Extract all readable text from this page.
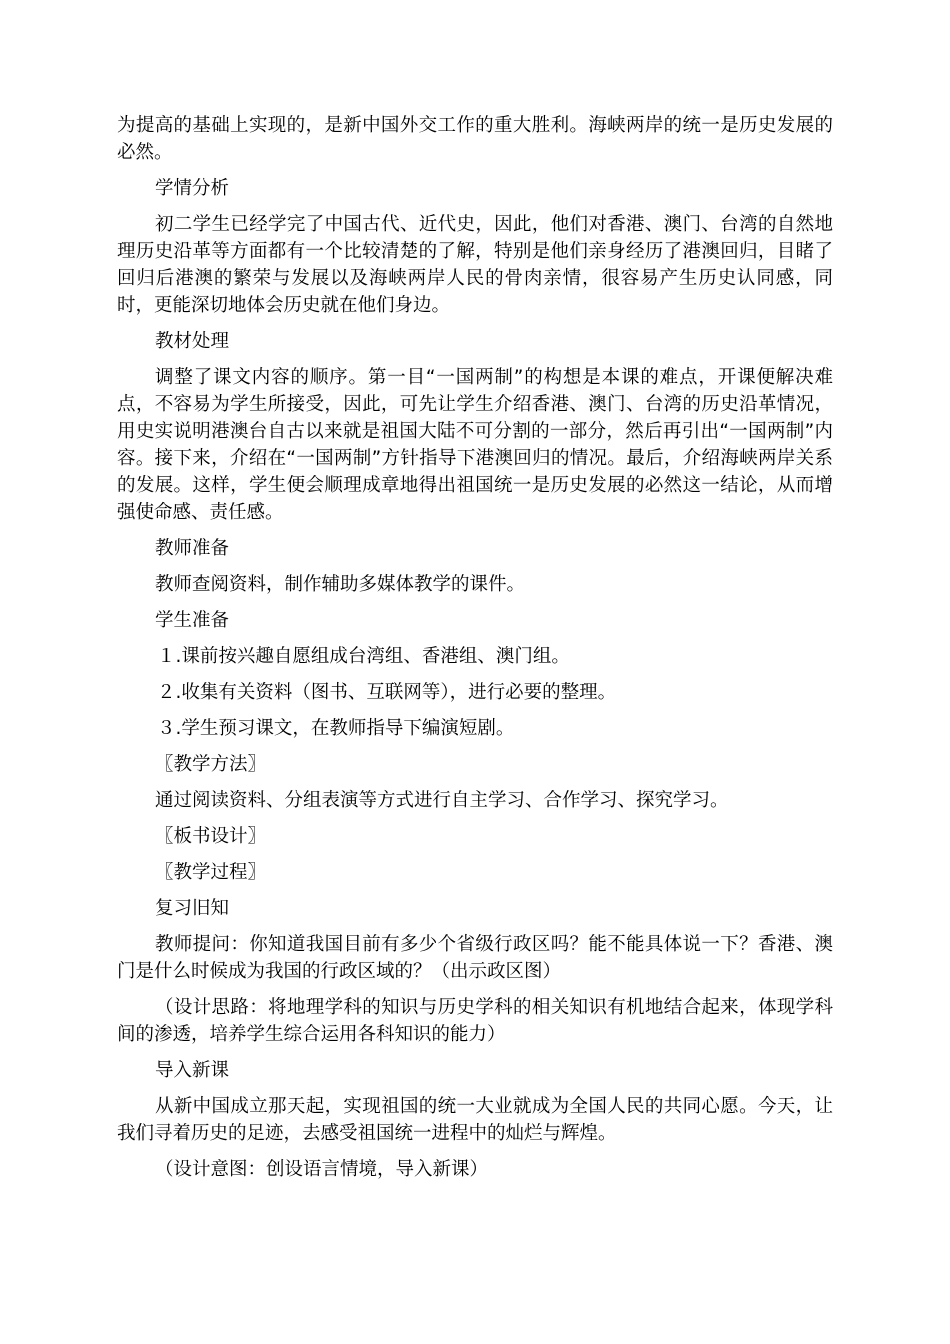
为提高的基础上实现的，是新中国外交工作的重大胜利。海峡两岸的统一是历史发展的必然。

学情分析

初二学生已经学完了中国古代、近代史，因此，他们对香港、澳门、台湾的自然地理历史沿革等方面都有一个比较清楚的了解，特别是他们亲身经历了港澳回归，目睹了回归后港澳的繁荣与发展以及海峡两岸人民的骨肉亲情，很容易产生历史认同感，同时，更能深切地体会历史就在他们身边。

教材处理

调整了课文内容的顺序。第一目“一国两制”的构想是本课的难点，开课便解决难点，不容易为学生所接受，因此，可先让学生介绍香港、澳门、台湾的历史沿革情况，用史实说明港澳台自古以来就是祖国大陆不可分割的一部分，然后再引出“一国两制”内容。接下来，介绍在“一国两制”方针指导下港澳回归的情况。最后，介绍海峡两岸关系的发展。这样，学生便会顺理成章地得出祖国统一是历史发展的必然这一结论，从而增强使命感、责任感。

教师准备

教师查阅资料，制作辅助多媒体教学的课件。

学生准备

１.课前按兴趣自愿组成台湾组、香港组、澳门组。

２.收集有关资料（图书、互联网等），进行必要的整理。

３.学生预习课文，在教师指导下编演短剧。

〖教学方法〗

通过阅读资料、分组表演等方式进行自主学习、合作学习、探究学习。

〖板书设计〗

〖教学过程〗

复习旧知

教师提问：你知道我国目前有多少个省级行政区吗？能不能具体说一下？香港、澳门是什么时候成为我国的行政区域的？（出示政区图）

（设计思路：将地理学科的知识与历史学科的相关知识有机地结合起来，体现学科间的渗透，培养学生综合运用各科知识的能力）

导入新课

从新中国成立那天起，实现祖国的统一大业就成为全国人民的共同心愿。今天，让我们寻着历史的足迹，去感受祖国统一进程中的灿烂与辉煌。

（设计意图：创设语言情境，导入新课）
